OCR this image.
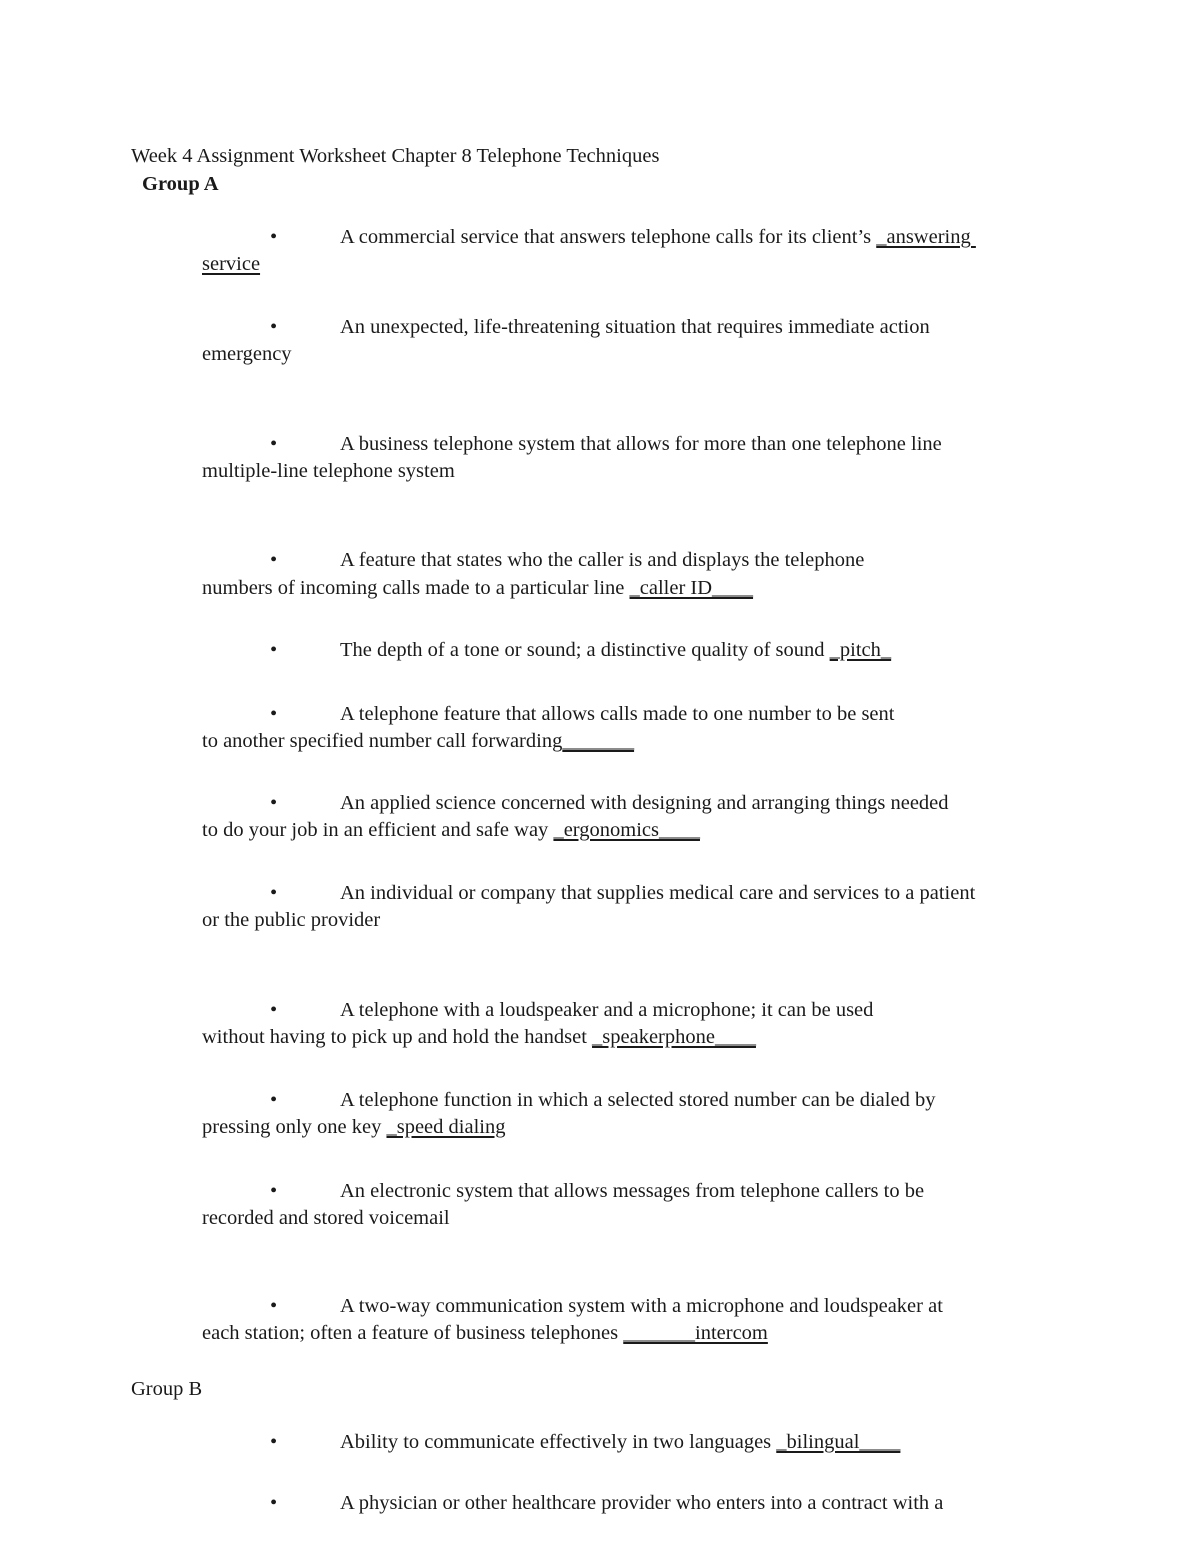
Week 4 Assignment Worksheet Chapter 8 Telephone Techniques
Group A
•	A commercial service that answers telephone calls for its client’s _answering
service
•	An unexpected, life-threatening situation that requires immediate action
emergency
•	A business telephone system that allows for more than one telephone line
multiple-line telephone system
•	A feature that states who the caller is and displays the telephone
numbers of incoming calls made to a particular line _caller ID____
•	The depth of a tone or sound; a distinctive quality of sound _pitch_
•	A telephone feature that allows calls made to one number to be sent
to another specified number call forwarding_______
•	An applied science concerned with designing and arranging things needed
to do your job in an efficient and safe way _ergonomics____
•	An individual or company that supplies medical care and services to a patient
or the public provider
•	A telephone with a loudspeaker and a microphone; it can be used
without having to pick up and hold the handset _speakerphone____
•	A telephone function in which a selected stored number can be dialed by
pressing only one key _speed dialing
•	An electronic system that allows messages from telephone callers to be
recorded and stored voicemail
•	A two-way communication system with a microphone and loudspeaker at
each station; often a feature of business telephones _______intercom
Group B
•	Ability to communicate effectively in two languages _bilingual____
•	A physician or other healthcare provider who enters into a contract with a
